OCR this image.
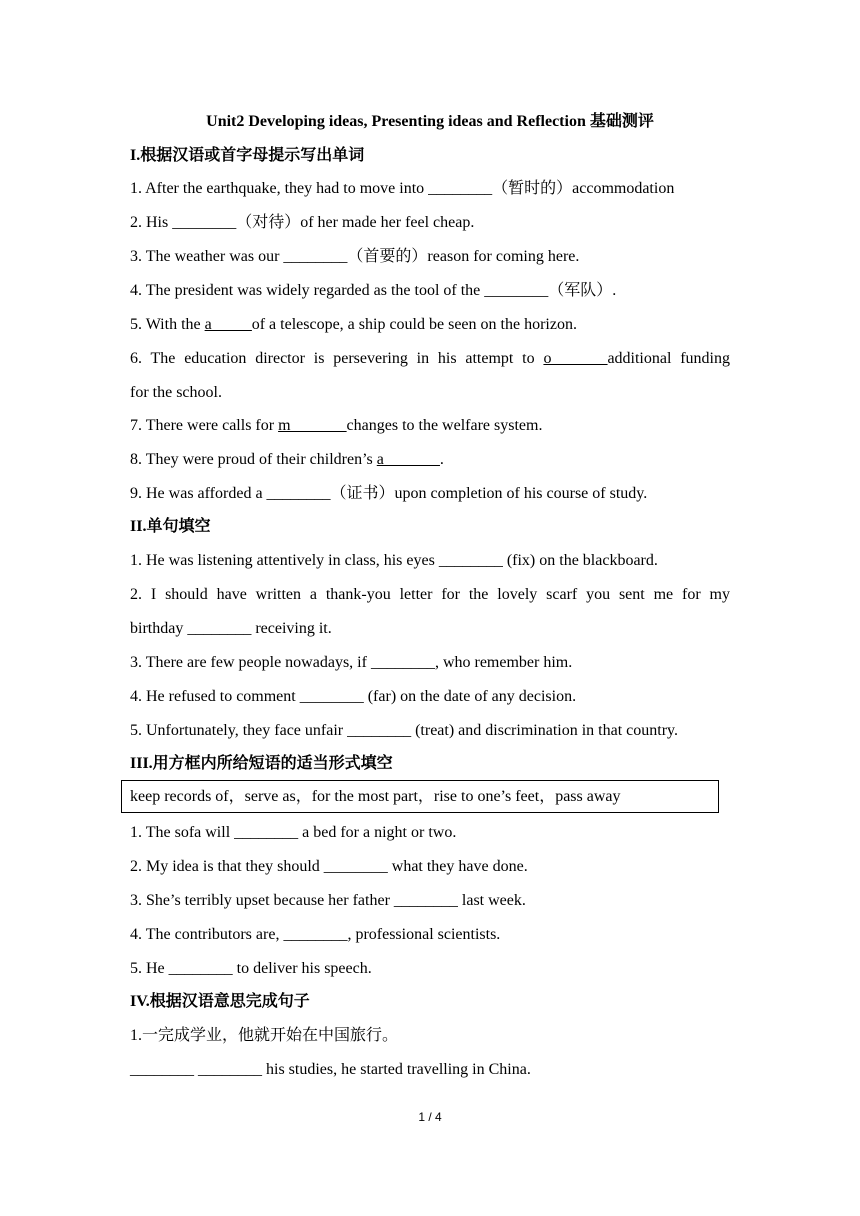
Unit2 Developing ideas, Presenting ideas and Reflection 基础测评
I.根据汉语或首字母提示写出单词
1. After the earthquake, they had to move into ________（暂时的）accommodation
2. His ________（对待）of her made her feel cheap.
3. The weather was our ________（首要的）reason for coming here.
4. The president was widely regarded as the tool of the ________（军队）.
5. With the a_____of a telescope, a ship could be seen on the horizon.
6. The education director is persevering in his attempt to o_______additional funding
for the school.
7. There were calls for m_______changes to the welfare system.
8. They were proud of their children’s a_______.
9. He was afforded a ________（证书）upon completion of his course of study.
II.单句填空
1. He was listening attentively in class, his eyes ________ (fix) on the blackboard.
2. I should have written a thank-you letter for the lovely scarf you sent me for my
birthday ________ receiving it.
3. There are few people nowadays, if ________, who remember him.
4. He refused to comment ________ (far) on the date of any decision.
5. Unfortunately, they face unfair ________ (treat) and discrimination in that country.
III.用方框内所给短语的适当形式填空
keep records of，serve as，for the most part，rise to one’s feet，pass away
1. The sofa will ________ a bed for a night or two.
2. My idea is that they should ________ what they have done.
3. She’s terribly upset because her father ________ last week.
4. The contributors are, ________, professional scientists.
5. He ________ to deliver his speech.
IV.根据汉语意思完成句子
1.一完成学业，他就开始在中国旅行。
________ ________ his studies, he started travelling in China.
1 / 4
